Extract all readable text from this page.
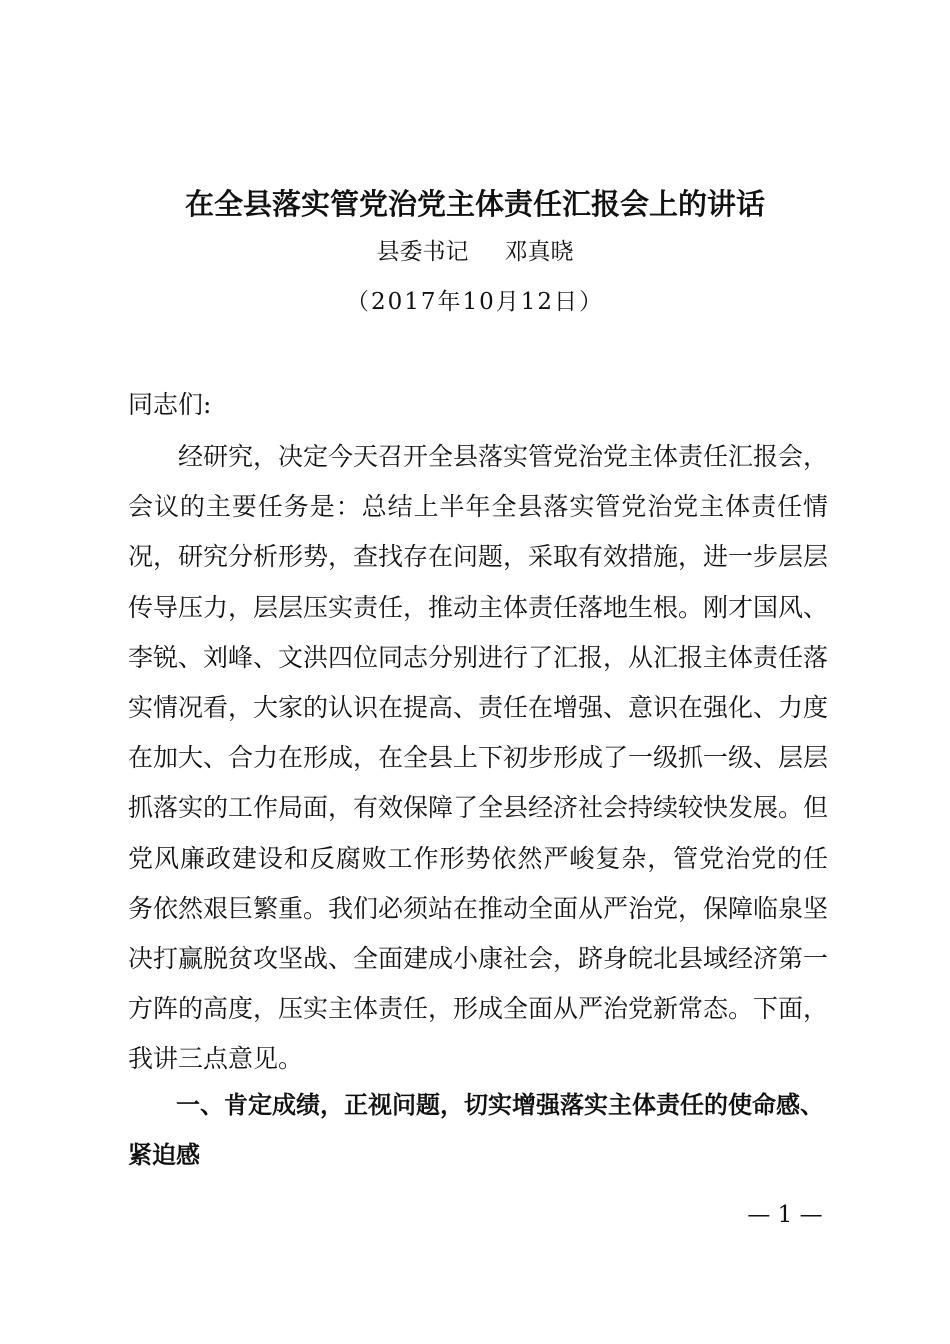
在全县落实管党治党主体责任汇报会上的讲话
县委书记 邓真晓
（2017年10月12日）
同志们:
经研究，决定今天召开全县落实管党治党主体责任汇报会，
会议的主要任务是：总结上半年全县落实管党治党主体责任情
况，研究分析形势，查找存在问题，采取有效措施，进一步层层
传导压力，层层压实责任，推动主体责任落地生根。刚才国风、
李锐、刘峰、文洪四位同志分别进行了汇报，从汇报主体责任落
实情况看，大家的认识在提高、责任在增强、意识在强化、力度
在加大、合力在形成，在全县上下初步形成了一级抓一级、层层
抓落实的工作局面，有效保障了全县经济社会持续较快发展。但
党风廉政建设和反腐败工作形势依然严峻复杂，管党治党的任
务依然艰巨繁重。我们必须站在推动全面从严治党，保障临泉坚
决打赢脱贫攻坚战、全面建成小康社会，跻身皖北县域经济第一
方阵的高度，压实主体责任，形成全面从严治党新常态。下面，
我讲三点意见。
一、肯定成绩，正视问题，切实增强落实主体责任的使命感、
紧迫感
— 1 —
